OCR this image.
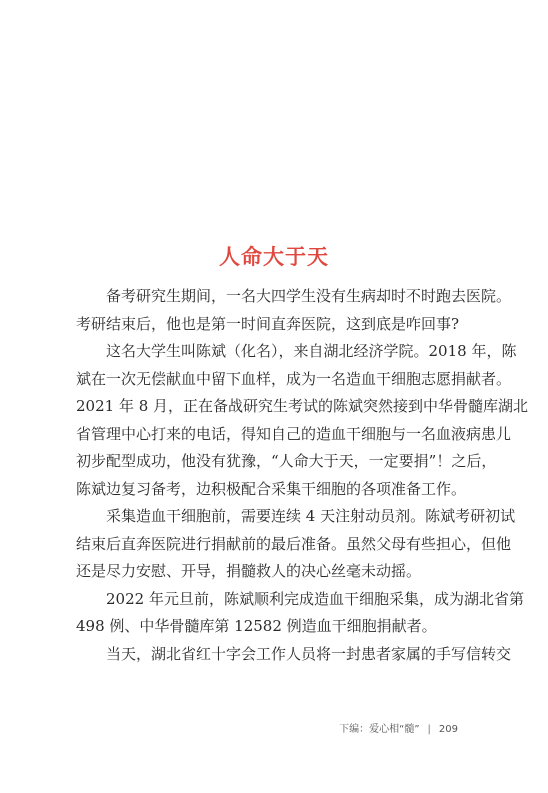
人命大于天

备考研究生期间，一名大四学生没有生病却时不时跑去医院。
考研结束后，他也是第一时间直奔医院，这到底是咋回事?

这名大学生叫陈斌（化名），来自湖北经济学院。2018 年，陈
斌在一次无偿献血中留下血样，成为一名造血干细胞志愿捐献者。
2021 年 8 月，正在备战研究生考试的陈斌突然接到中华骨髓库湖北
省管理中心打来的电话，得知自己的造血干细胞与一名血液病患儿
初步配型成功，他没有犹豫，“人命大于天，一定要捐”！之后，
陈斌边复习备考，边积极配合采集干细胞的各项准备工作。

采集造血干细胞前，需要连续 4 天注射动员剂。陈斌考研初试
结束后直奔医院进行捐献前的最后准备。虽然父母有些担心，但他
还是尽力安慰、开导，捐髓救人的决心丝毫未动摇。

2022 年元旦前，陈斌顺利完成造血干细胞采集，成为湖北省第
498 例、中华骨髓库第 12582 例造血干细胞捐献者。

当天，湖北省红十字会工作人员将一封患者家属的手写信转交

下编：爱心相“髓” | 209
